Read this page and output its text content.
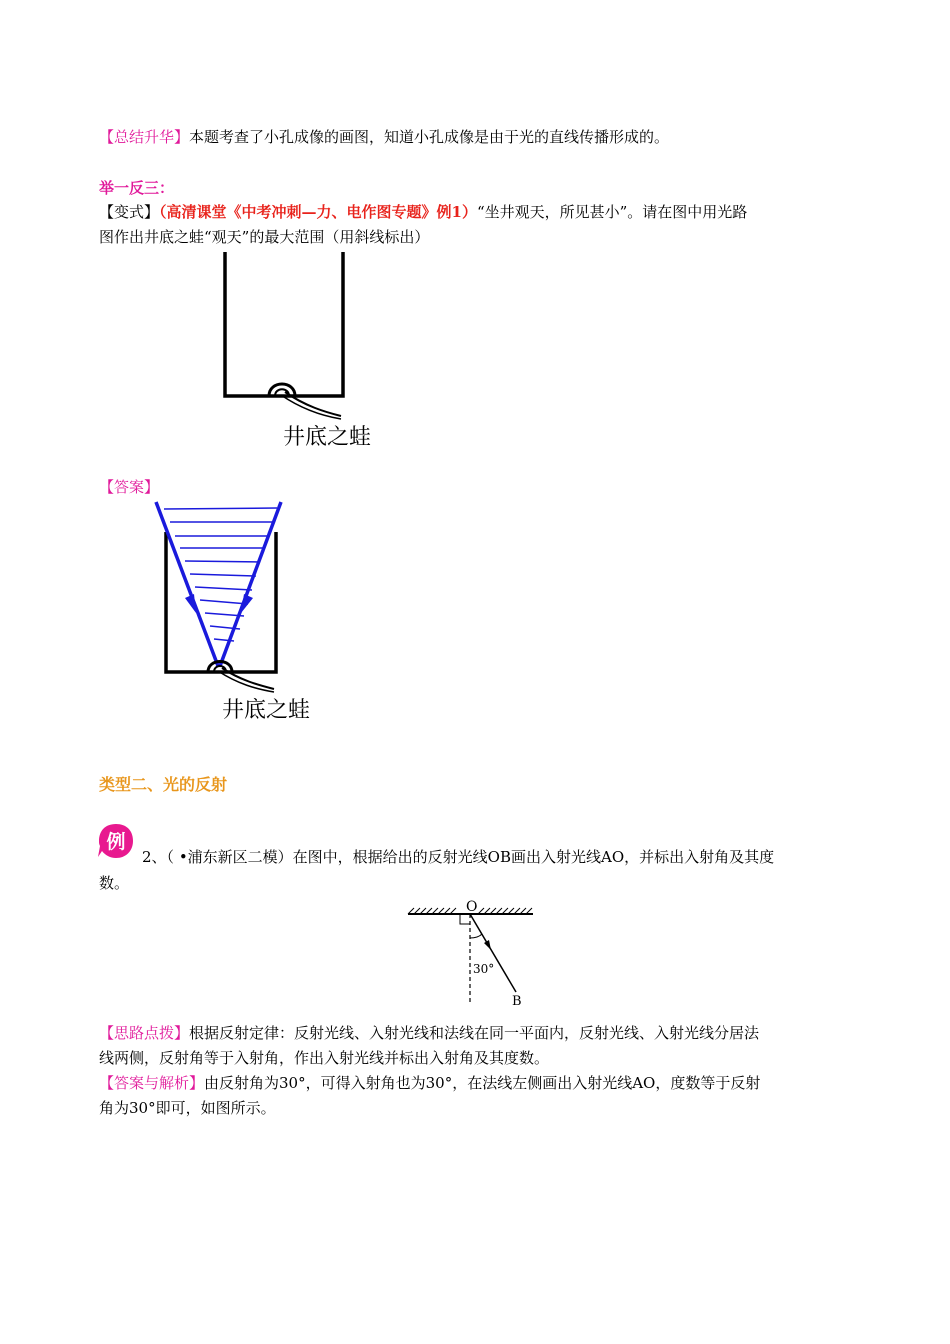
【总结升华】本题考查了小孔成像的画图，知道小孔成像是由于光的直线传播形成的。
举一反三：
【变式】（高清课堂《中考冲刺—力、电作图专题》例1）“坐井观天，所见甚小”。请在图中用光路
图作出井底之蛙“观天”的最大范围（用斜线标出）
井底之蛙
【答案】
井底之蛙
类型二、光的反射
例
2、（ •浦东新区二模）在图中，根据给出的反射光线OB画出入射光线AO，并标出入射角及其度
数。
O
30°
B
【思路点拨】根据反射定律：反射光线、入射光线和法线在同一平面内，反射光线、入射光线分居法
线两侧，反射角等于入射角，作出入射光线并标出入射角及其度数。
【答案与解析】由反射角为30°，可得入射角也为30°，在法线左侧画出入射光线AO，度数等于反射
角为30°即可，如图所示。
